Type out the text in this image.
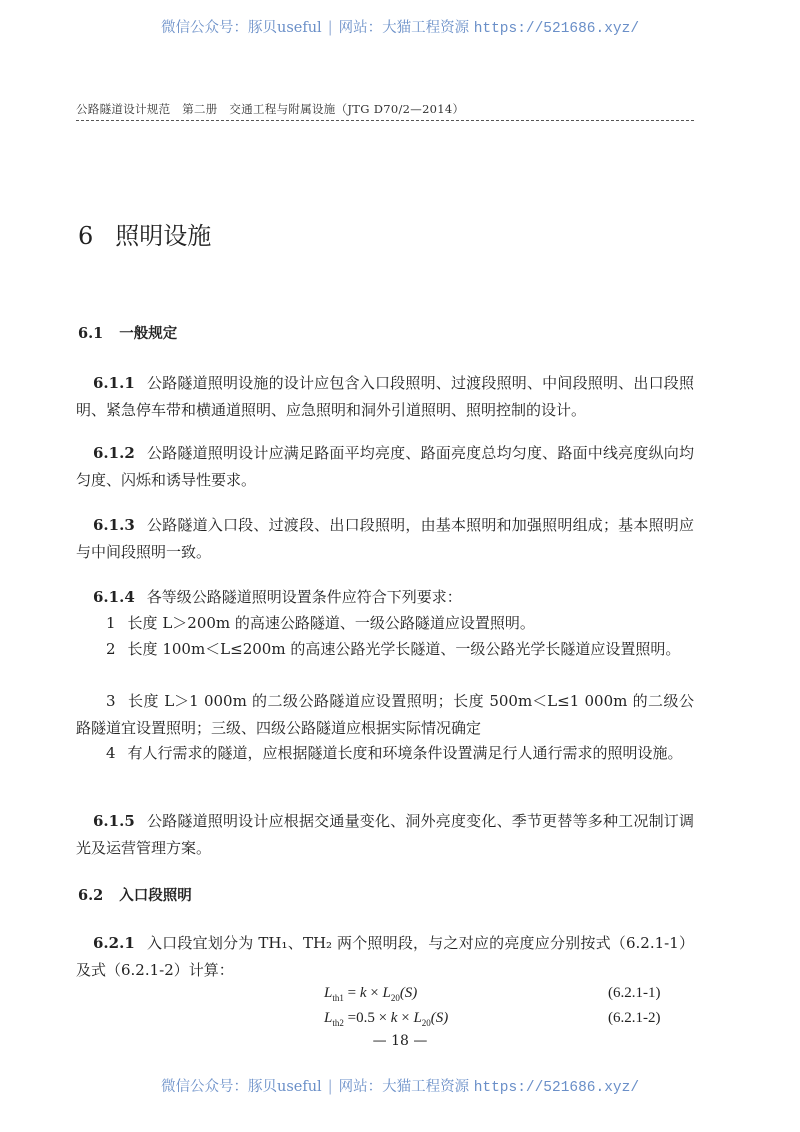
微信公众号：豚贝useful | 网站：大猫工程资源 https://521686.xyz/
公路隧道设计规范　第二册　交通工程与附属设施（JTG D70/2—2014）
6 照明设施
6.1 一般规定

6.1.1 公路隧道照明设施的设计应包含入口段照明、过渡段照明、中间段照明、出口段照明、紧急停车带和横通道照明、应急照明和洞外引道照明、照明控制的设计。

6.1.2 公路隧道照明设计应满足路面平均亮度、路面亮度总均匀度、路面中线亮度纵向均匀度、闪烁和诱导性要求。

6.1.3 公路隧道入口段、过渡段、出口段照明，由基本照明和加强照明组成；基本照明应与中间段照明一致。

6.1.4 各等级公路隧道照明设置条件应符合下列要求：

1 长度 L＞200m 的高速公路隧道、一级公路隧道应设置照明。

2 长度 100m＜L≤200m 的高速公路光学长隧道、一级公路光学长隧道应设置照明。

3 长度 L＞1 000m 的二级公路隧道应设置照明；长度 500m＜L≤1 000m 的二级公路隧道宜设置照明；三级、四级公路隧道应根据实际情况确定

4 有人行需求的隧道，应根据隧道长度和环境条件设置满足行人通行需求的照明设施。

6.1.5 公路隧道照明设计应根据交通量变化、洞外亮度变化、季节更替等多种工况制订调光及运营管理方案。

6.2 入口段照明

6.2.1 入口段宜划分为 TH₁、TH₂ 两个照明段，与之对应的亮度应分别按式（6.2.1-1）及式（6.2.1-2）计算：

$L_{th1} = k \times L_{20}(S)$	(6.2.1-1)
$L_{th2} =0.5 \times k \times L_{20}(S)$	(6.2.1-2)
— 18 —
微信公众号：豚贝useful | 网站：大猫工程资源 https://521686.xyz/
